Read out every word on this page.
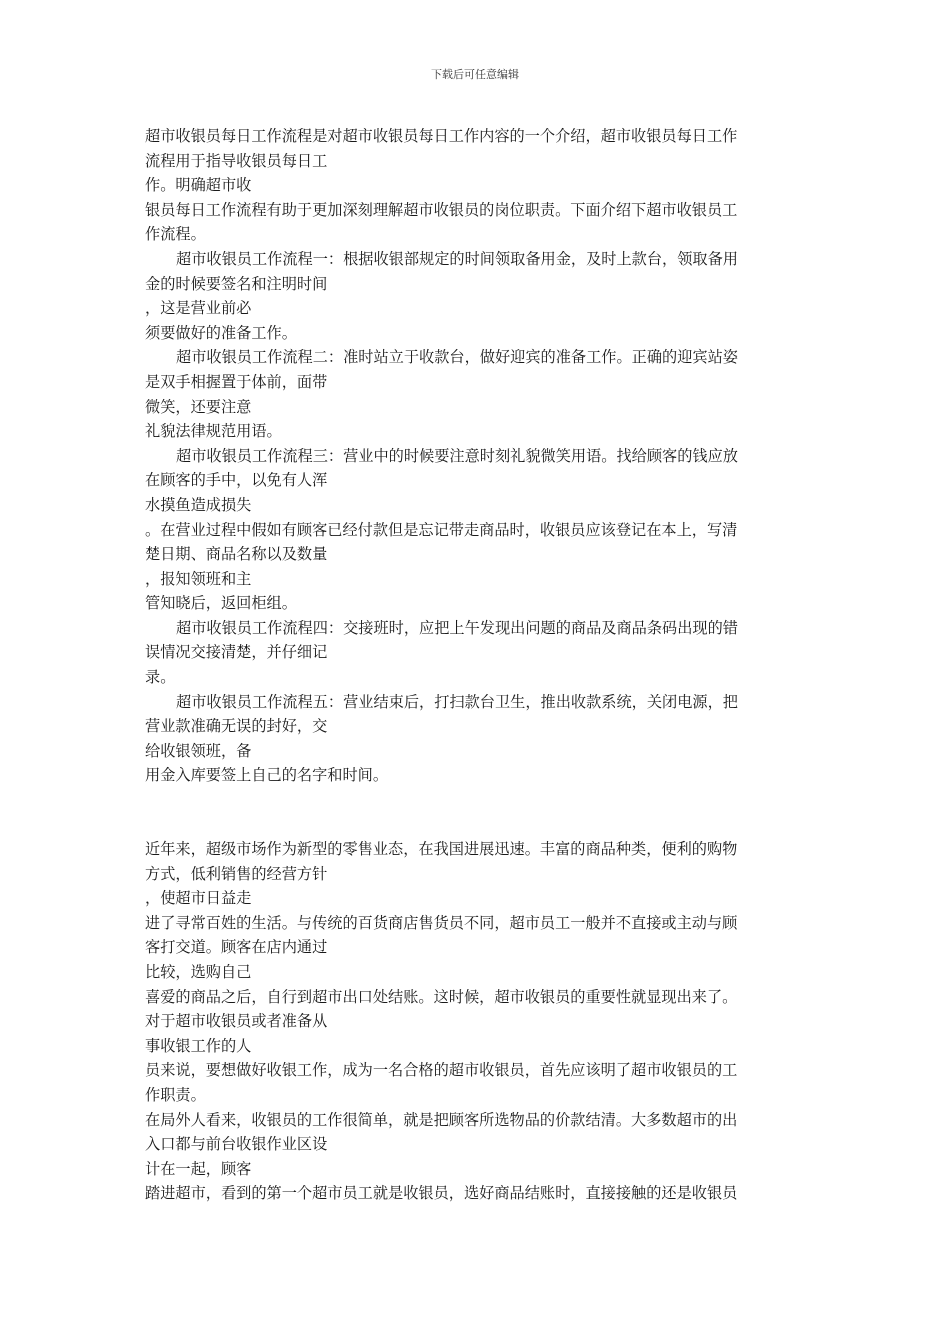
下载后可任意编辑
超市收银员每日工作流程是对超市收银员每日工作内容的一个介绍，超市收银员每日工作
流程用于指导收银员每日工
作。明确超市收
银员每日工作流程有助于更加深刻理解超市收银员的岗位职责。下面介绍下超市收银员工
作流程。
超市收银员工作流程一：根据收银部规定的时间领取备用金，及时上款台，领取备用
金的时候要签名和注明时间
，这是营业前必
须要做好的准备工作。
超市收银员工作流程二：准时站立于收款台，做好迎宾的准备工作。正确的迎宾站姿
是双手相握置于体前，面带
微笑，还要注意
礼貌法律规范用语。
超市收银员工作流程三：营业中的时候要注意时刻礼貌微笑用语。找给顾客的钱应放
在顾客的手中，以免有人浑
水摸鱼造成损失
。在营业过程中假如有顾客已经付款但是忘记带走商品时，收银员应该登记在本上，写清
楚日期、商品名称以及数量
，报知领班和主
管知晓后，返回柜组。
超市收银员工作流程四：交接班时，应把上午发现出问题的商品及商品条码出现的错
误情况交接清楚，并仔细记
录。
超市收银员工作流程五：营业结束后，打扫款台卫生，推出收款系统，关闭电源，把
营业款准确无误的封好，交
给收银领班，备
用金入库要签上自己的名字和时间。
近年来，超级市场作为新型的零售业态，在我国进展迅速。丰富的商品种类，便利的购物
方式，低利销售的经营方针
，使超市日益走
进了寻常百姓的生活。与传统的百货商店售货员不同，超市员工一般并不直接或主动与顾
客打交道。顾客在店内通过
比较，选购自己
喜爱的商品之后，自行到超市出口处结账。这时候，超市收银员的重要性就显现出来了。
对于超市收银员或者准备从
事收银工作的人
员来说，要想做好收银工作，成为一名合格的超市收银员，首先应该明了超市收银员的工
作职责。
在局外人看来，收银员的工作很简单，就是把顾客所选物品的价款结清。大多数超市的出
入口都与前台收银作业区设
计在一起，顾客
踏进超市，看到的第一个超市员工就是收银员，选好商品结账时，直接接触的还是收银员
